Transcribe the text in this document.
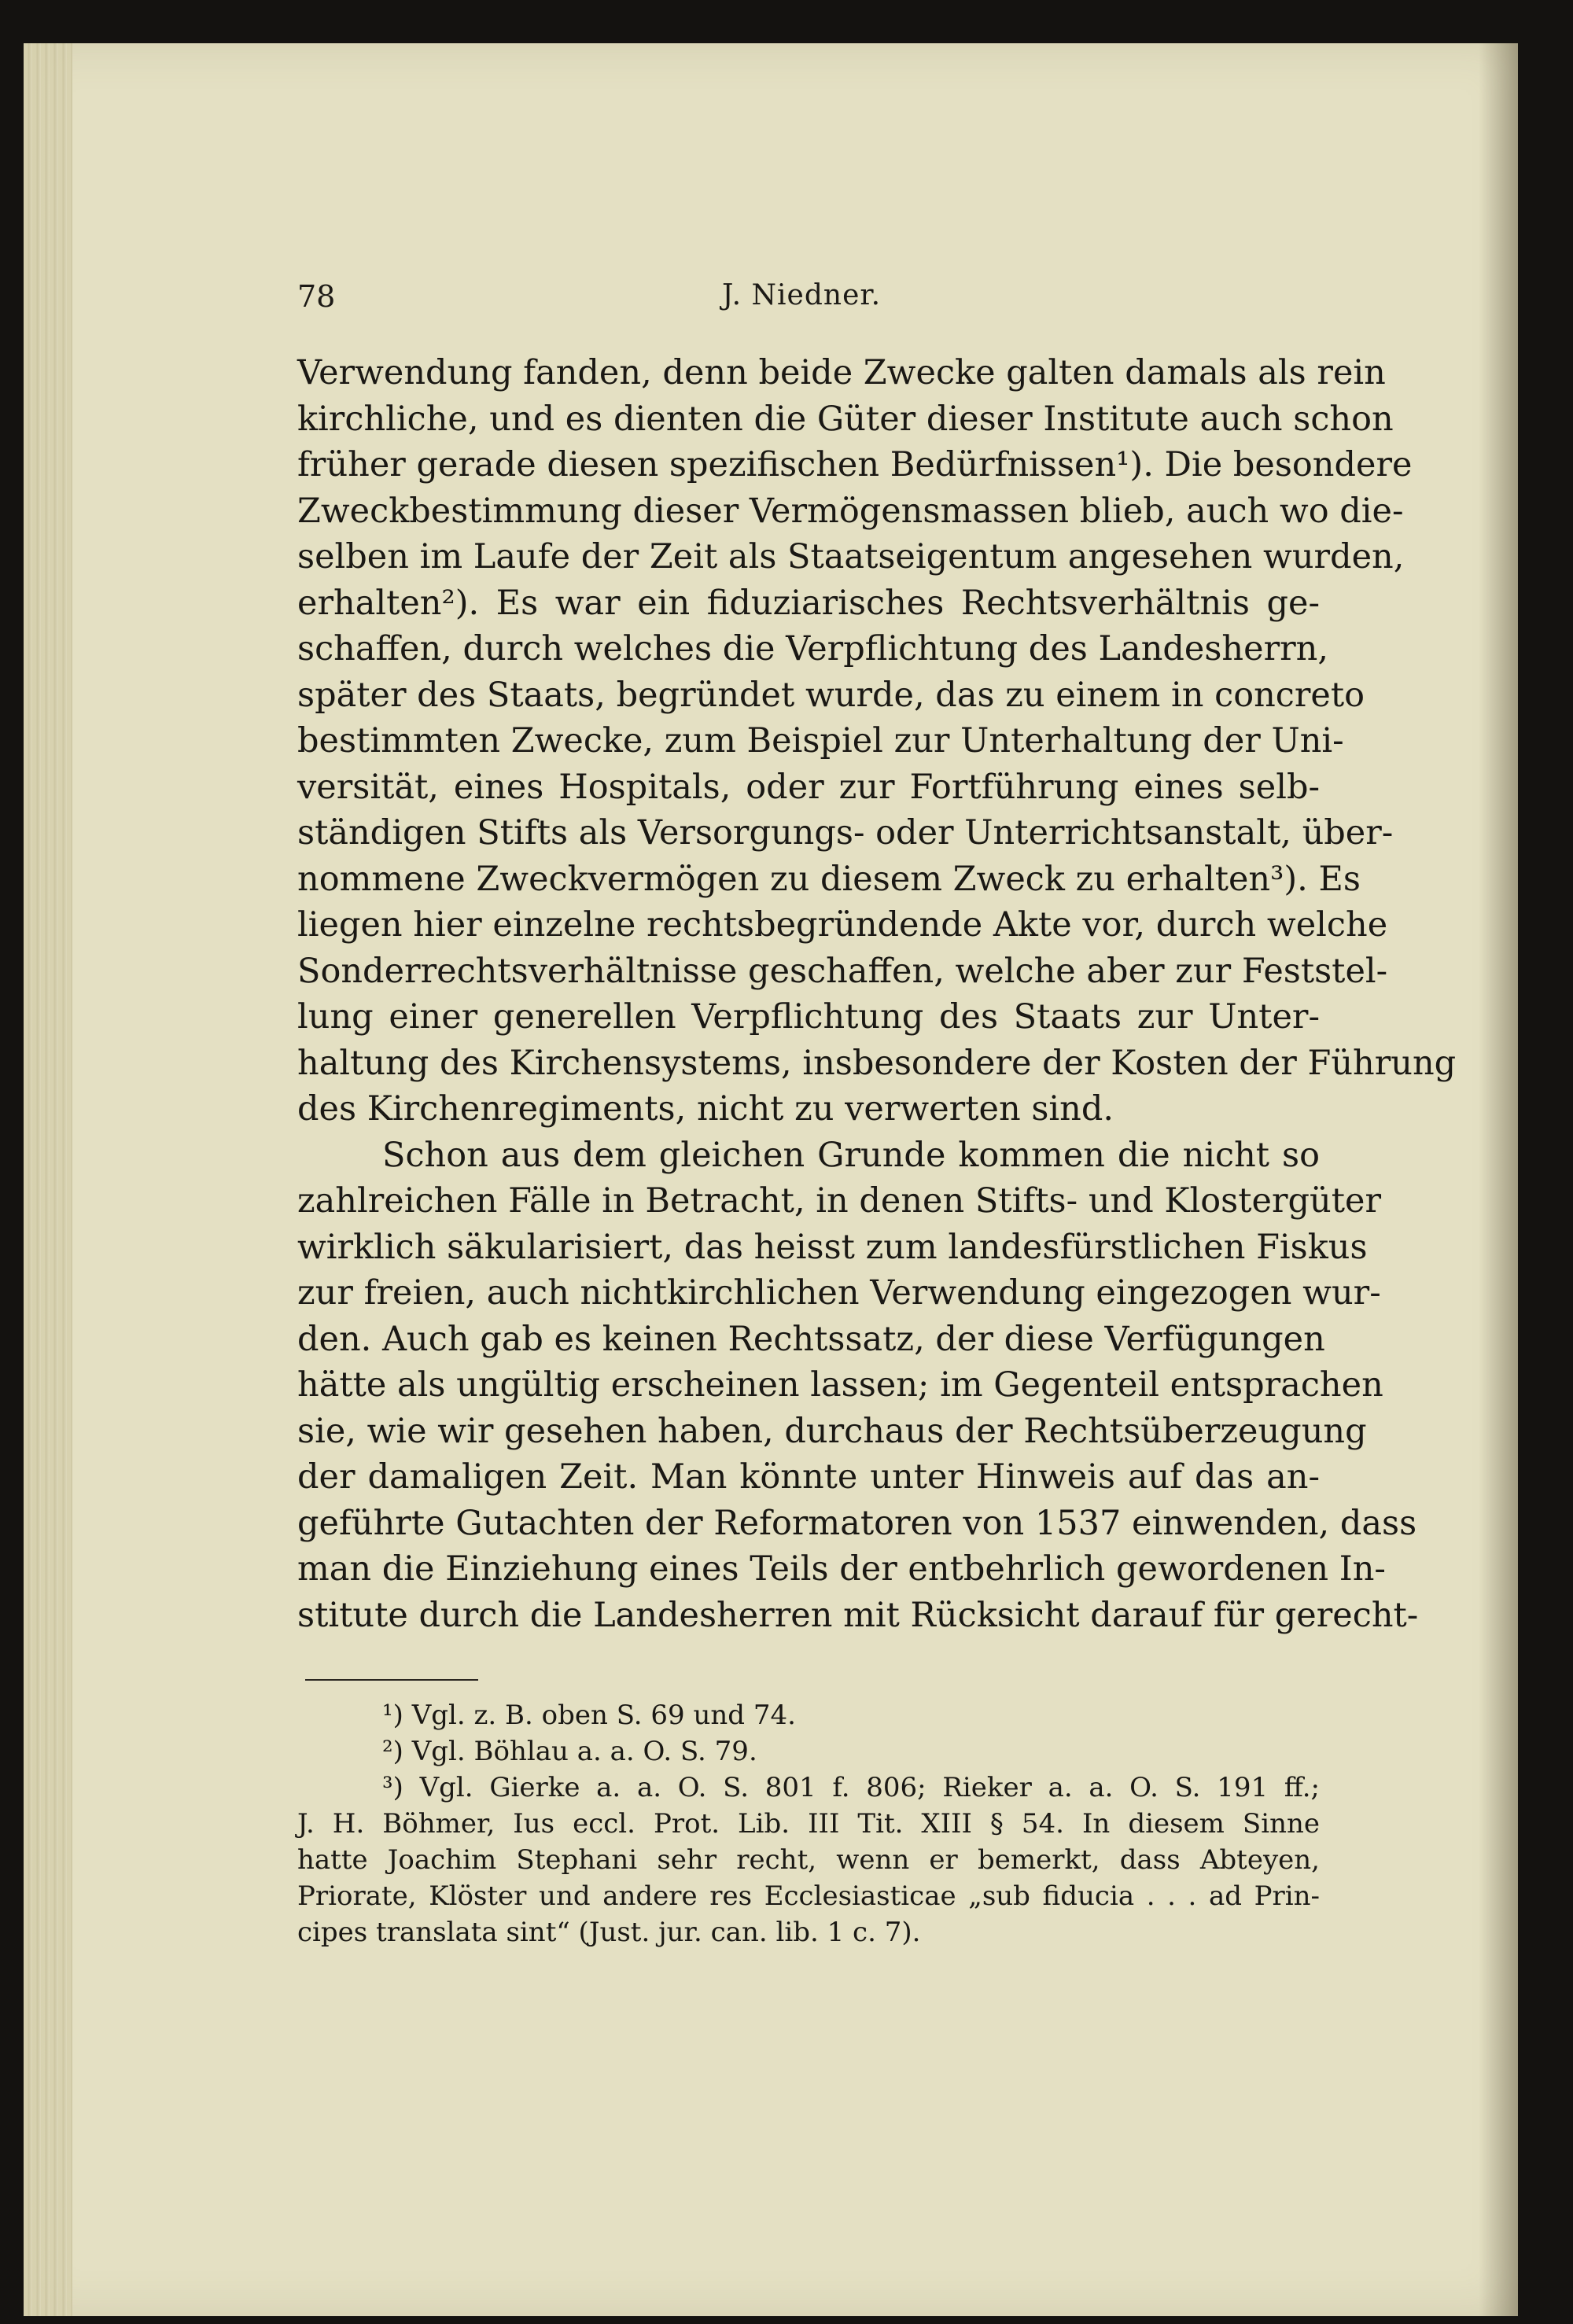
78	J. Niedner.
Verwendung fanden, denn beide Zwecke galten damals als rein
kirchliche, und es dienten die Güter dieser Institute auch schon
früher gerade diesen spezifischen Bedürfnissen¹). Die besondere
Zweckbestimmung dieser Vermögensmassen blieb, auch wo die-
selben im Laufe der Zeit als Staatseigentum angesehen wurden,
erhalten²). Es war ein fiduziarisches Rechtsverhältnis ge-
schaffen, durch welches die Verpflichtung des Landesherrn,
später des Staats, begründet wurde, das zu einem in concreto
bestimmten Zwecke, zum Beispiel zur Unterhaltung der Uni-
versität, eines Hospitals, oder zur Fortführung eines selb-
ständigen Stifts als Versorgungs- oder Unterrichtsanstalt, über-
nommene Zweckvermögen zu diesem Zweck zu erhalten³). Es
liegen hier einzelne rechtsbegründende Akte vor, durch welche
Sonderrechtsverhältnisse geschaffen, welche aber zur Feststel-
lung einer generellen Verpflichtung des Staats zur Unter-
haltung des Kirchensystems, insbesondere der Kosten der Führung
des Kirchenregiments, nicht zu verwerten sind.
Schon aus dem gleichen Grunde kommen die nicht so
zahlreichen Fälle in Betracht, in denen Stifts- und Klostergüter
wirklich säkularisiert, das heisst zum landesfürstlichen Fiskus
zur freien, auch nichtkirchlichen Verwendung eingezogen wur-
den. Auch gab es keinen Rechtssatz, der diese Verfügungen
hätte als ungültig erscheinen lassen; im Gegenteil entsprachen
sie, wie wir gesehen haben, durchaus der Rechtsüberzeugung
der damaligen Zeit. Man könnte unter Hinweis auf das an-
geführte Gutachten der Reformatoren von 1537 einwenden, dass
man die Einziehung eines Teils der entbehrlich gewordenen In-
stitute durch die Landesherren mit Rücksicht darauf für gerecht-
¹) Vgl. z. B. oben S. 69 und 74.
²) Vgl. Böhlau a. a. O. S. 79.
³) Vgl. Gierke a. a. O. S. 801 f. 806; Rieker a. a. O. S. 191 ff.;
J. H. Böhmer, Ius eccl. Prot. Lib. III Tit. XIII § 54. In diesem Sinne
hatte Joachim Stephani sehr recht, wenn er bemerkt, dass Abteyen,
Priorate, Klöster und andere res Ecclesiasticae „sub fiducia . . . ad Prin-
cipes translata sint“ (Just. jur. can. lib. 1 c. 7).
